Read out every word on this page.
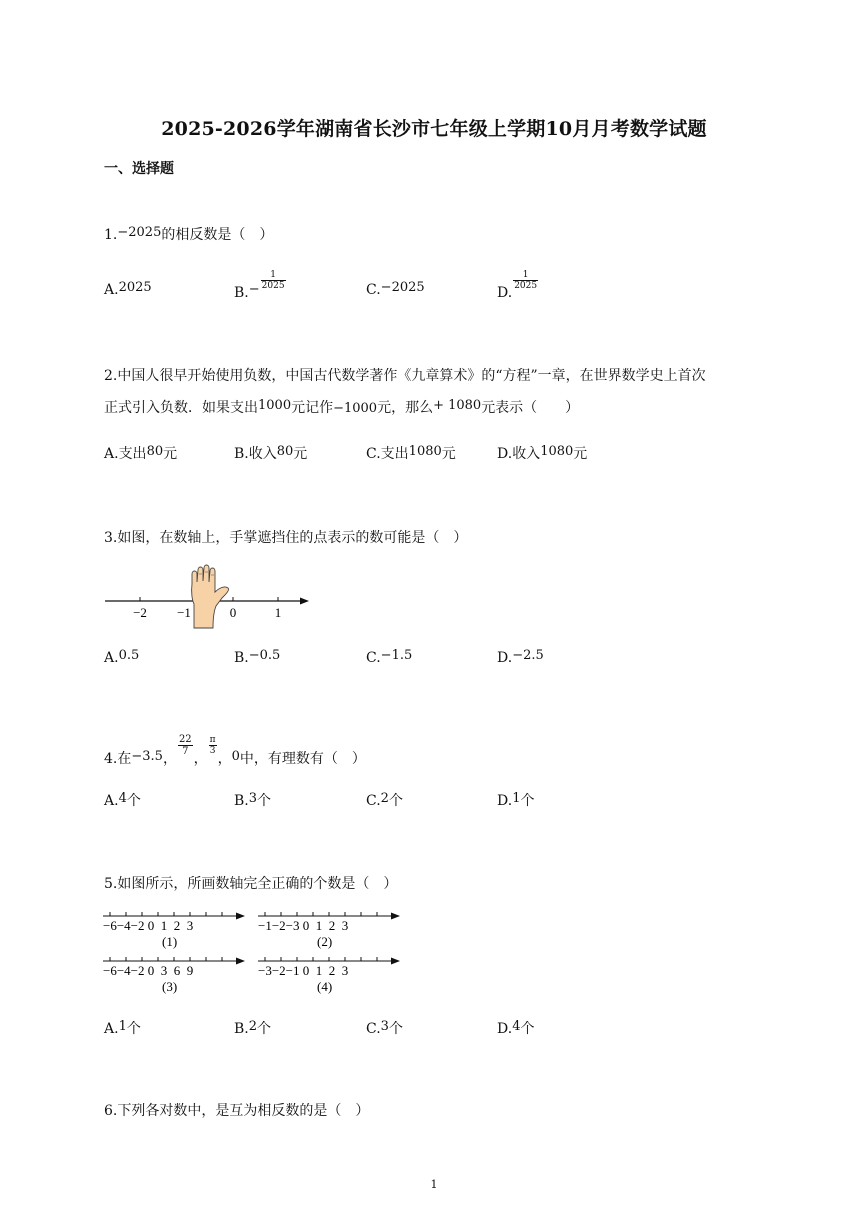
2025-2026学年湖南省长沙市七年级上学期10月月考数学试题
一、选择题
1.−2025的相反数是（　）
A.2025	$B.- \frac{1}{2025}$	C.−2025	D.
$\frac{1}{2025}$
2.中国人很早开始使用负数，中国古代数学著作《九章算术》的“方程”一章，在世界数学史上首次
正式引入负数．如果支出1000元记作−1000元，那么+ 1080元表示（　　）
A.支出80元	B.收入80元	C.支出1080元	D.收入1080元
3.如图，在数轴上，手掌遮挡住的点表示的数可能是（　）
−2 −1	0	1
A.0.5	B.−0.5	C.−1.5	D.−2.5
4.在−3.5，
$\frac{22}{7}$
，
$\frac{\pi}{3}$
，0中，有理数有（　）
A.4个	B.3个	C.2个	D.1个
5.如图所示，所画数轴完全正确的个数是（　）
−6−4−2 0  1  2  3
(1)
−1−2−3 0  1  2  3
(2)
−6−4−2 0  3  6  9
(3)
−3−2−1 0  1  2  3
(4)
A.1个	B.2个	C.3个	D.4个
6.下列各对数中，是互为相反数的是（　）
1
